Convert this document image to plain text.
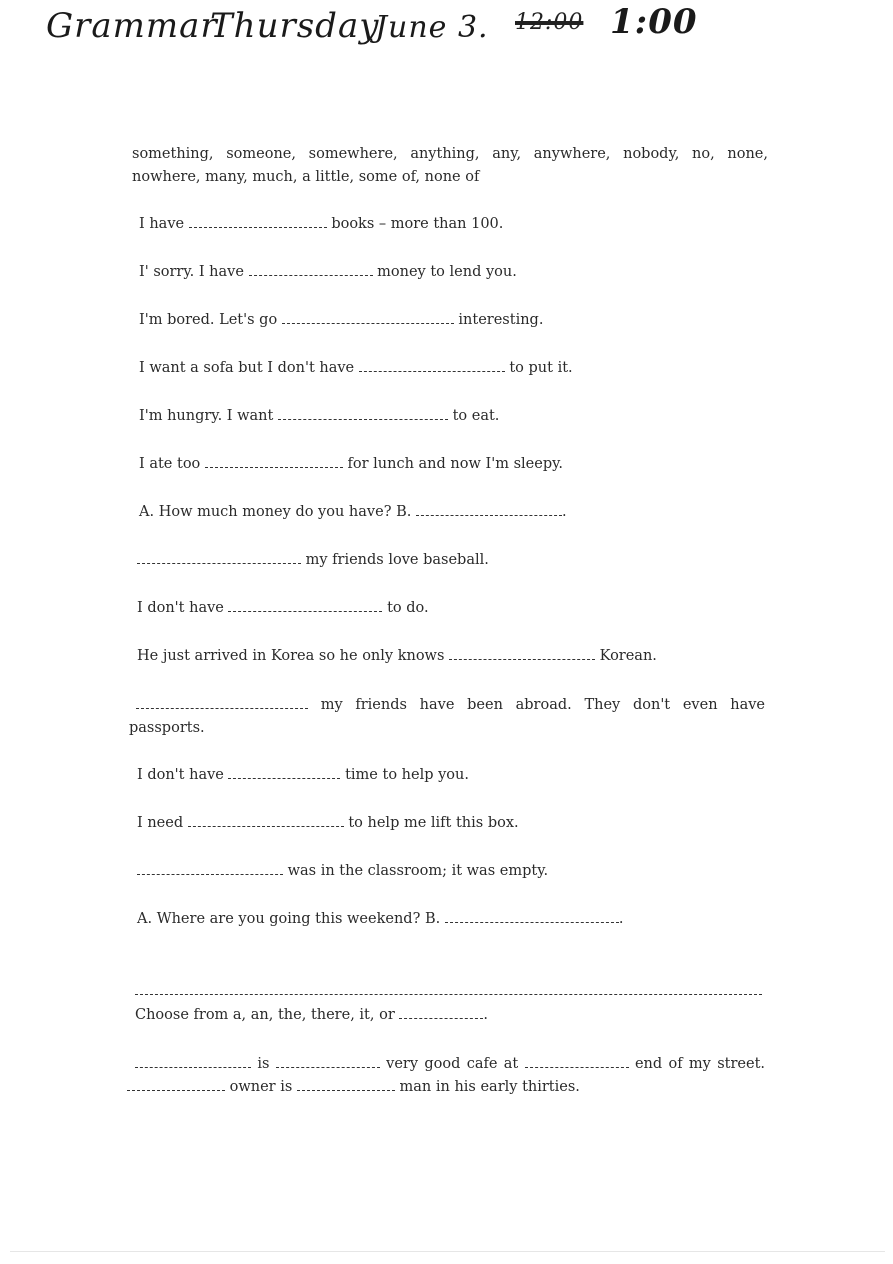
Grammar
Thursday
June 3. 12:00 1:00
something, someone, somewhere, anything, any, anywhere, nobody, no, none, nowhere, many, much, a little, some of, none of
I have	books – more than 100.
I' sorry. I have	money to lend you.
I'm bored. Let's go	interesting.
I want a sofa but I don't have	to put it.
I'm hungry. I want	to eat.
I ate too	for lunch and now I'm sleepy.
A. How much money do you have? B.	.
my friends love baseball.
I don't have	to do.
He just arrived in Korea so he only knows	Korean.
my friends have been abroad. They don't even have passports.
I don't have	time to help you.
I need	to help me lift this box.
was in the classroom; it was empty.
A. Where are you going this weekend? B.	.
Choose from a, an, the, there, it, or	.
is	very good cafe at	end of my street.  owner is	man in his early thirties.
